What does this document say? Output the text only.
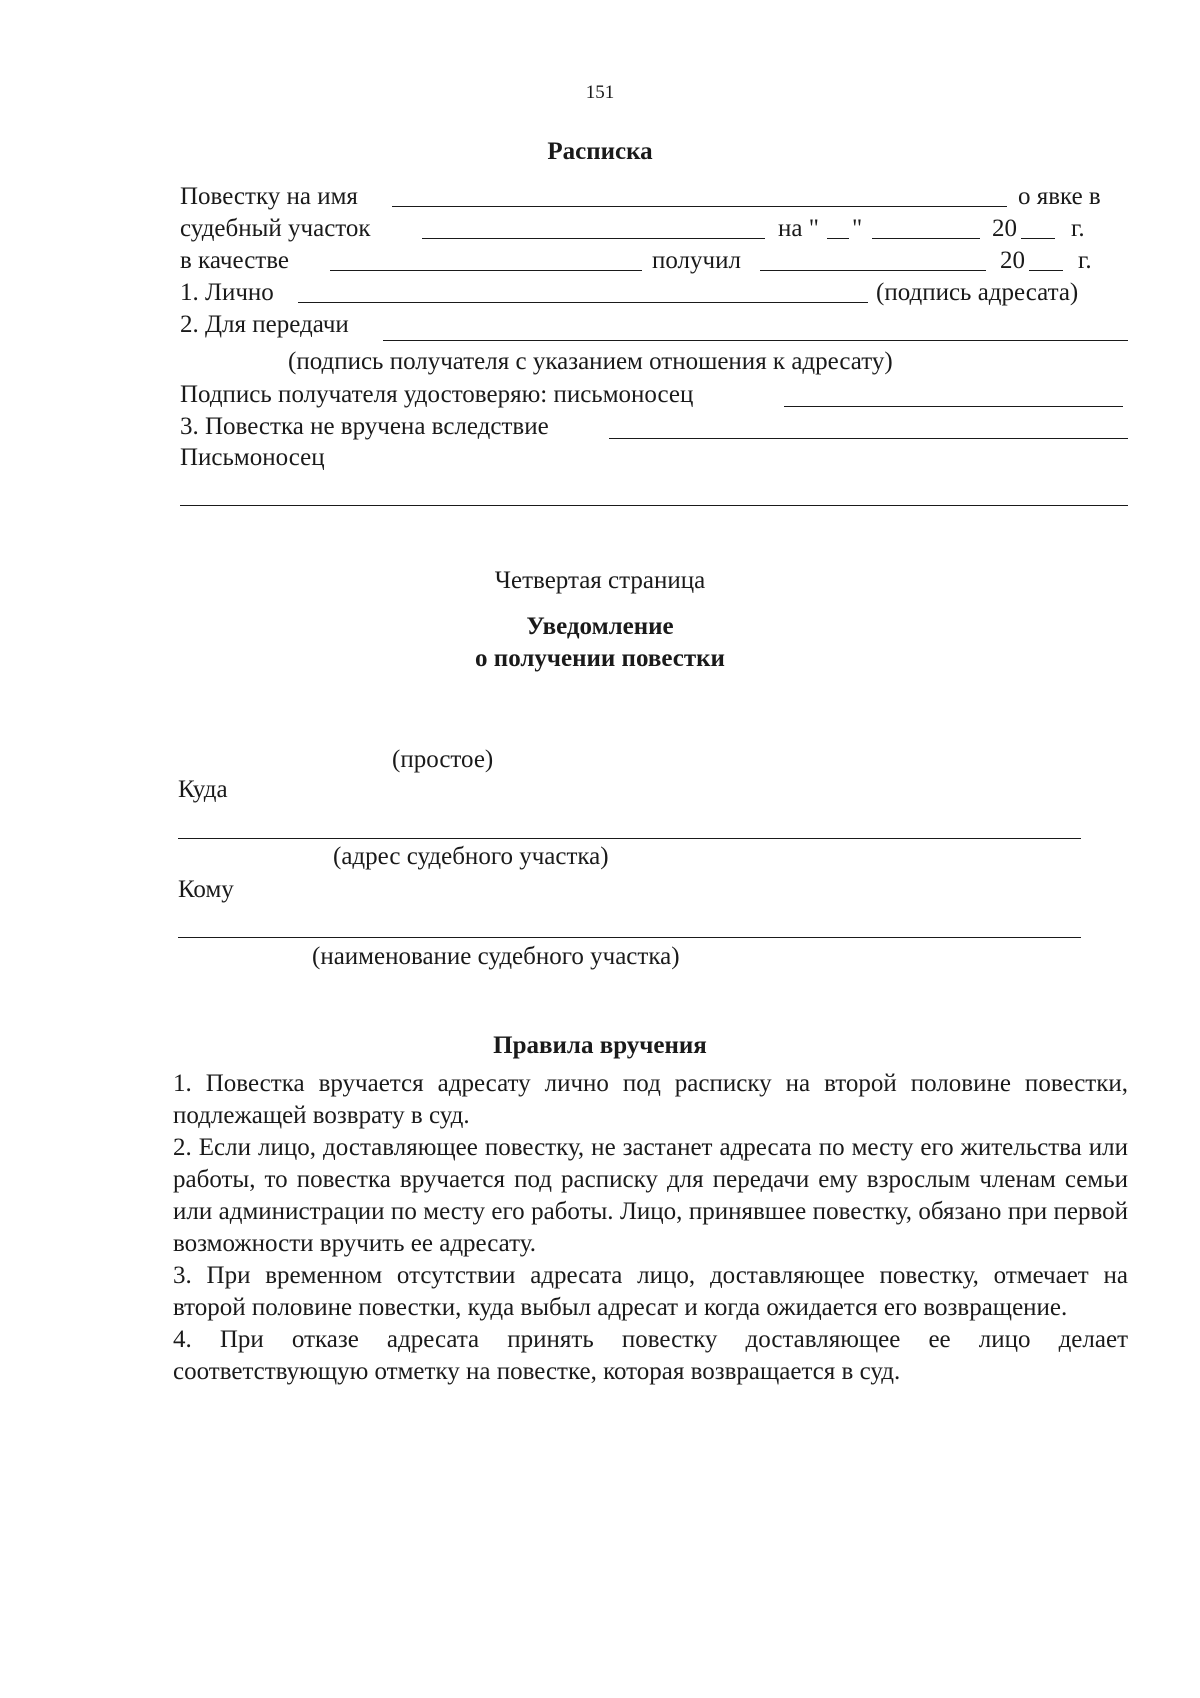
151
Расписка
Повестку на имя	о явке в
судебный участок	на " "	20 г.
в качестве	получил	20 г.
1. Лично	(подпись адресата)
2. Для передачи
(подпись получателя с указанием отношения к адресату)
Подпись получателя удостоверяю: письмоносец
3. Повестка не вручена вследствие
Письмоносец
Четвертая страница
Уведомление
о получении повестки
(простое)
Куда
(адрес судебного участка)
Кому
(наименование судебного участка)
Правила вручения

1. Повестка вручается адресату лично под расписку на второй половине повестки, подлежащей возврату в суд.

2. Если лицо, доставляющее повестку, не застанет адресата по месту его жительства или работы, то повестка вручается под расписку для передачи ему взрослым членам семьи или администрации по месту его работы. Лицо, принявшее повестку, обязано при первой возможности вручить ее адресату.

3. При временном отсутствии адресата лицо, доставляющее повестку, отмечает на второй половине повестки, куда выбыл адресат и когда ожидается его возвращение.

4. При отказе адресата принять повестку доставляющее ее лицо делает соответствующую отметку на повестке, которая возвращается в суд.
